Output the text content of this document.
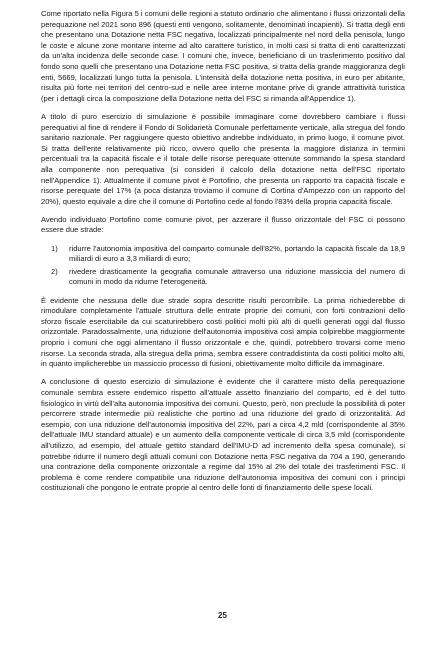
Come riportato nella Figura 5 i comuni delle regioni a statuto ordinario che alimentano i flussi orizzontali della perequazione nel 2021 sono 896 (questi enti vengono, solitamente, denominati incapienti). Si tratta degli enti che presentano una Dotazione netta FSC negativa, localizzati principalmente nel nord della penisola, lungo le coste e alcune zone montane interne ad alto carattere turistico, in molti casi si tratta di enti caratterizzati da un'alta incidenza delle seconde case. I comuni che, invece, beneficiano di un trasferimento positivo dal fondo sono quelli che presentano una Dotazione netta FSC positiva, si tratta della grande maggioranza degli enti, 5669, localizzati lungo tutta la penisola. L'intensità della dotazione netta positiva, in euro per abitante, risulta più forte nei territori del centro-sud e nelle aree interne montane prive di grande attrattività turistica (per i dettagli circa la composizione della Dotazione netta del FSC si rimanda all'Appendice 1).

A titolo di puro esercizio di simulazione è possibile immaginare come dovrebbero cambiare i flussi perequativi al fine di rendere il Fondo di Solidarietà Comunale perfettamente verticale, alla stregua del fondo sanitario nazionale. Per raggiungere questo obiettivo andrebbe individuato, in primo luogo, il comune pivot. Si tratta dell'ente relativamente più ricco, ovvero quello che presenta la maggiore distanza in termini percentuali tra la capacità fiscale e il totale delle risorse perequate ottenute sommando la spesa standard alla componente non perequativa (si consideri il calcolo della dotazione netta dell'FSC riportato nell'Appendice 1). Attualmente il comune pivot è Portofino, che presenta un rapporto tra capacità fiscale e risorse perequate del 17% (a poca distanza troviamo il comune di Cortina d'Ampezzo con un rapporto del 20%), questo equivale a dire che il comune di Portofino cede al fondo l'83% della propria capacità fiscale.

Avendo individuato Portofino come comune pivot, per azzerare il flusso orizzontale del FSC ci possono essere due strade:

1) ridurre l'autonomia impositiva del comparto comunale dell'82%, portando la capacità fiscale da 18,9 miliardi di euro a 3,3 miliardi di euro;
2) rivedere drasticamente la geografia comunale attraverso una riduzione massiccia del numero di comuni in modo da ridurne l'eterogeneità.

È evidente che nessuna delle due strade sopra descritte risulti percorribile. La prima richiederebbe di rimodulare completamente l'attuale struttura delle entrate proprie dei comuni, con forti contrazioni dello sforzo fiscale esercitabile da cui scaturirebbero costi politici molti più alti di quelli generati oggi dal flusso orizzontale. Paradossalmente, una riduzione dell'autonomia impositiva così ampia colpirebbe maggiormente proprio i comuni che oggi alimentano il flusso orizzontale e che, quindi, potrebbero trovarsi come meno risorse. La seconda strada, alla stregua della prima, sembra essere contraddistinta da costi politici molto alti, in quanto implicherebbe un massiccio processo di fusioni, obiettivamente molto difficile da immaginare.

A conclusione di questo esercizio di simulazione è evidente che il carattere misto della perequazione comunale sembra essere endemico rispetto all'attuale assetto finanziario del comparto, ed è del tutto fisiologico in virtù dell'alta autonomia impositiva dei comuni. Questo, però, non preclude la possibilità di poter percorrere strade intermedie più realistiche che portino ad una riduzione del grado di orizzontalità. Ad esempio, con una riduzione dell'autonomia impositiva del 22%, pari a circa 4,2 mld (corrispondente al 35% dell'attuale IMU standard attuale) e un aumento della componente verticale di circa 3,5 mld (corrispondente all'utilizzo, ad esempio, del attuale gettito standard dell'IMU-D ad incremento della spesa comunale), si potrebbe ridurre il numero degli attuali comuni con Dotazione netta FSC negativa da 704 a 190, generando una contrazione della componente orizzontale a regime dal 15% al 2% del totale dei trasferimenti FSC. Il problema è come rendere compatibile una riduzione dell'autonomia impositiva dei comuni con i principi costituzionali che pongono le entrate proprie al centro delle fonti di finanziamento delle spese locali.

25
